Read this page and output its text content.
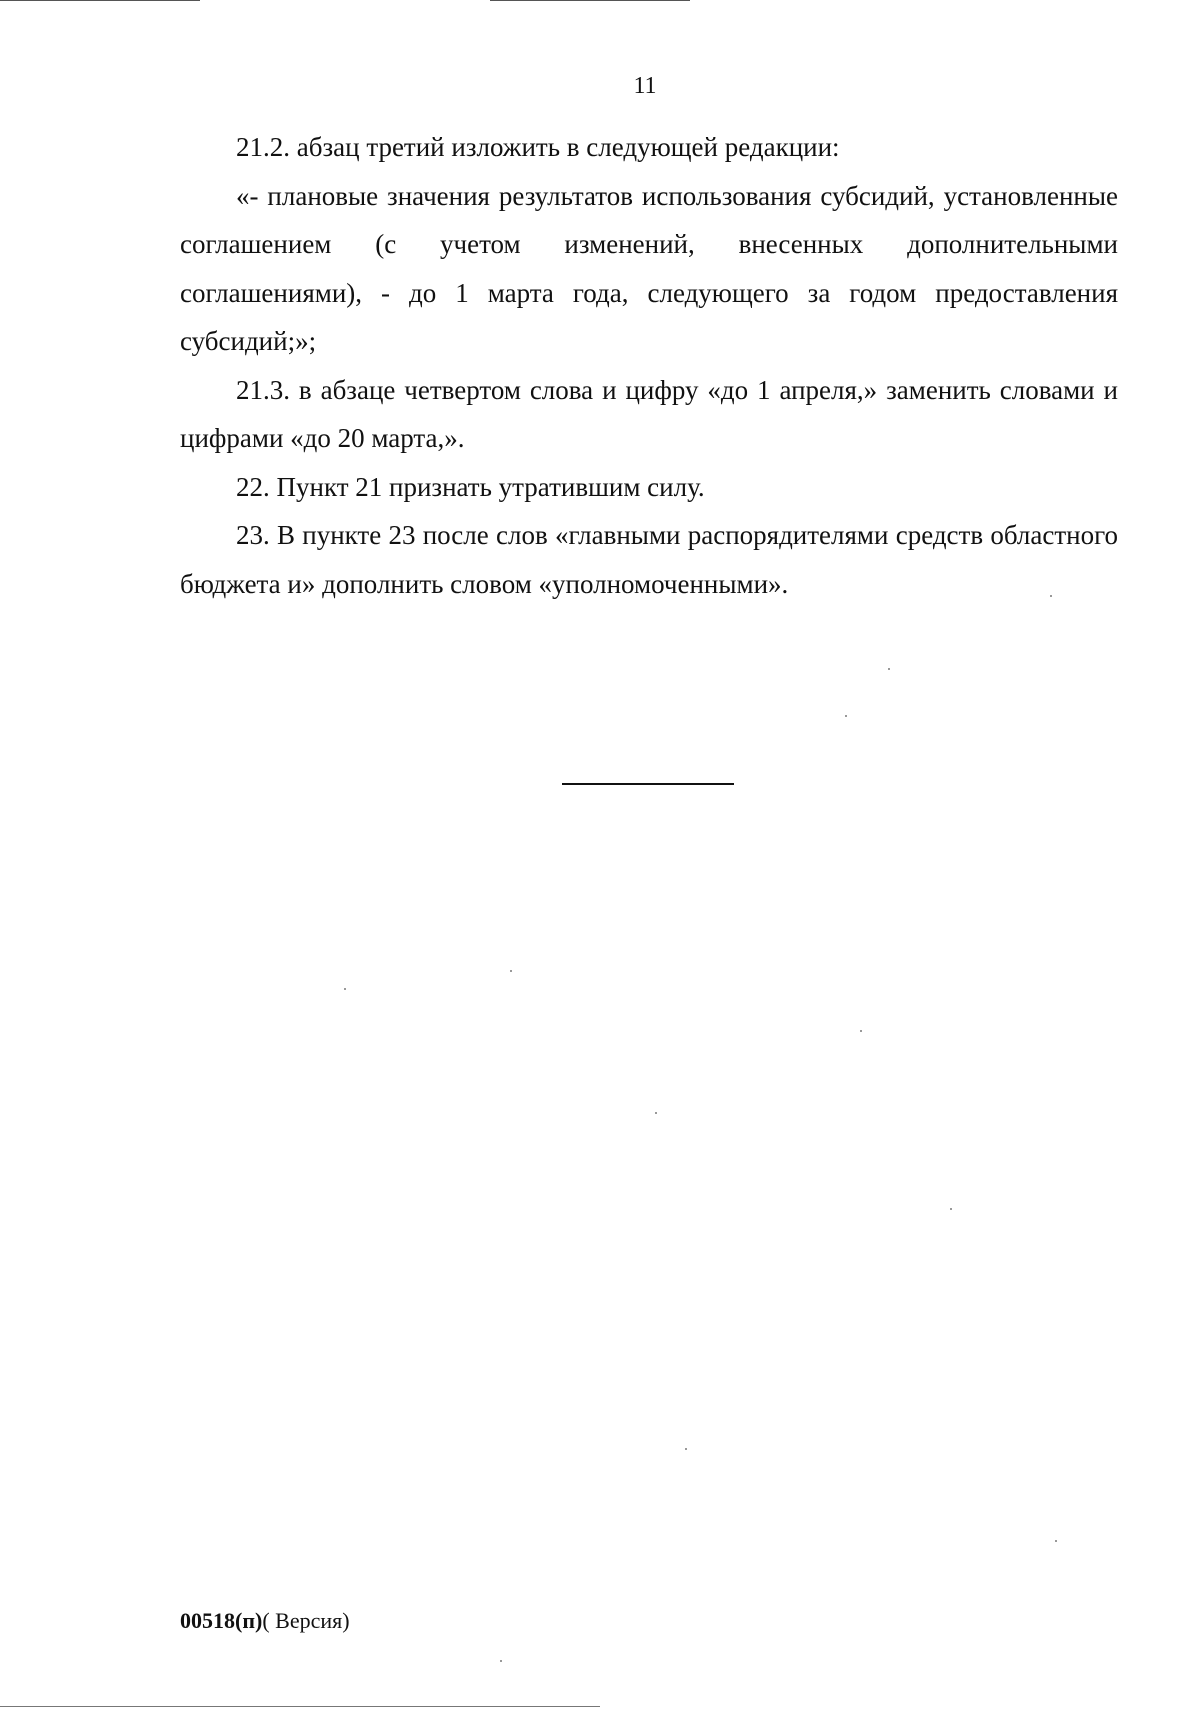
11

21.2. абзац третий изложить в следующей редакции:

«- плановые значения результатов использования субсидий, установленные соглашением (с учетом изменений, внесенных дополнительными соглашениями), - до 1 марта года, следующего за годом предоставления субсидий;»;

21.3. в абзаце четвертом слова и цифру «до 1 апреля,» заменить словами и цифрами «до 20 марта,».

22. Пункт 21 признать утратившим силу.

23. В пункте 23 после слов «главными распорядителями средств областного бюджета и» дополнить словом «уполномоченными».

00518(п)( Версия)
